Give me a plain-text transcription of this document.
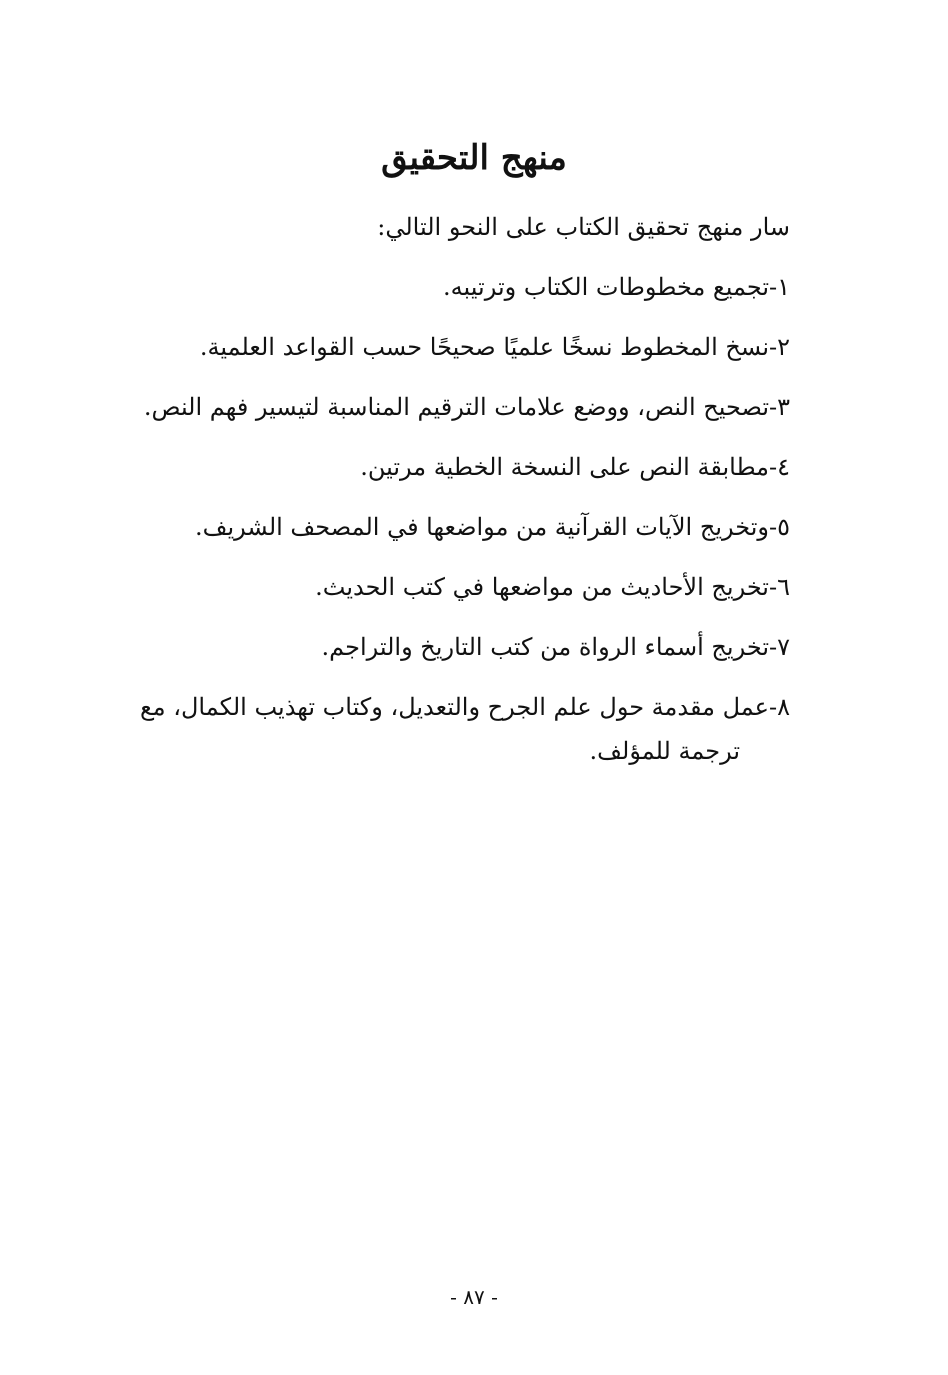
منهج التحقيق

سار منهج تحقيق الكتاب على النحو التالي:

١-تجميع مخطوطات الكتاب وترتيبه.
٢-نسخ المخطوط نسخًا علميًا صحيحًا حسب القواعد العلمية.
٣-تصحيح النص، ووضع علامات الترقيم المناسبة لتيسير فهم النص.
٤-مطابقة النص على النسخة الخطية مرتين.
٥-وتخريج الآيات القرآنية من مواضعها في المصحف الشريف.
٦-تخريج الأحاديث من مواضعها في كتب الحديث.
٧-تخريج أسماء الرواة من كتب التاريخ والتراجم.
٨-عمل مقدمة حول علم الجرح والتعديل، وكتاب تهذيب الكمال، مع
ترجمة للمؤلف.
- ٨٧ -
